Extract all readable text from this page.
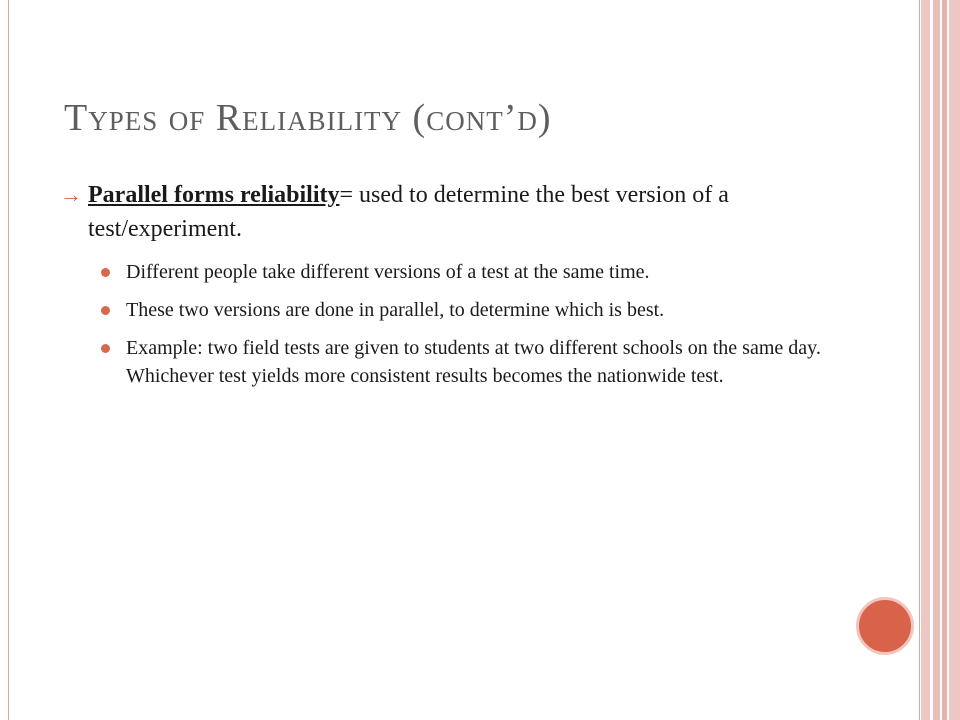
Types of Reliability (cont’d)
→ Parallel forms reliability= used to determine the best version of a test/experiment.
Different people take different versions of a test at the same time.
These two versions are done in parallel, to determine which is best.
Example: two field tests are given to students at two different schools on the same day. Whichever test yields more consistent results becomes the nationwide test.
